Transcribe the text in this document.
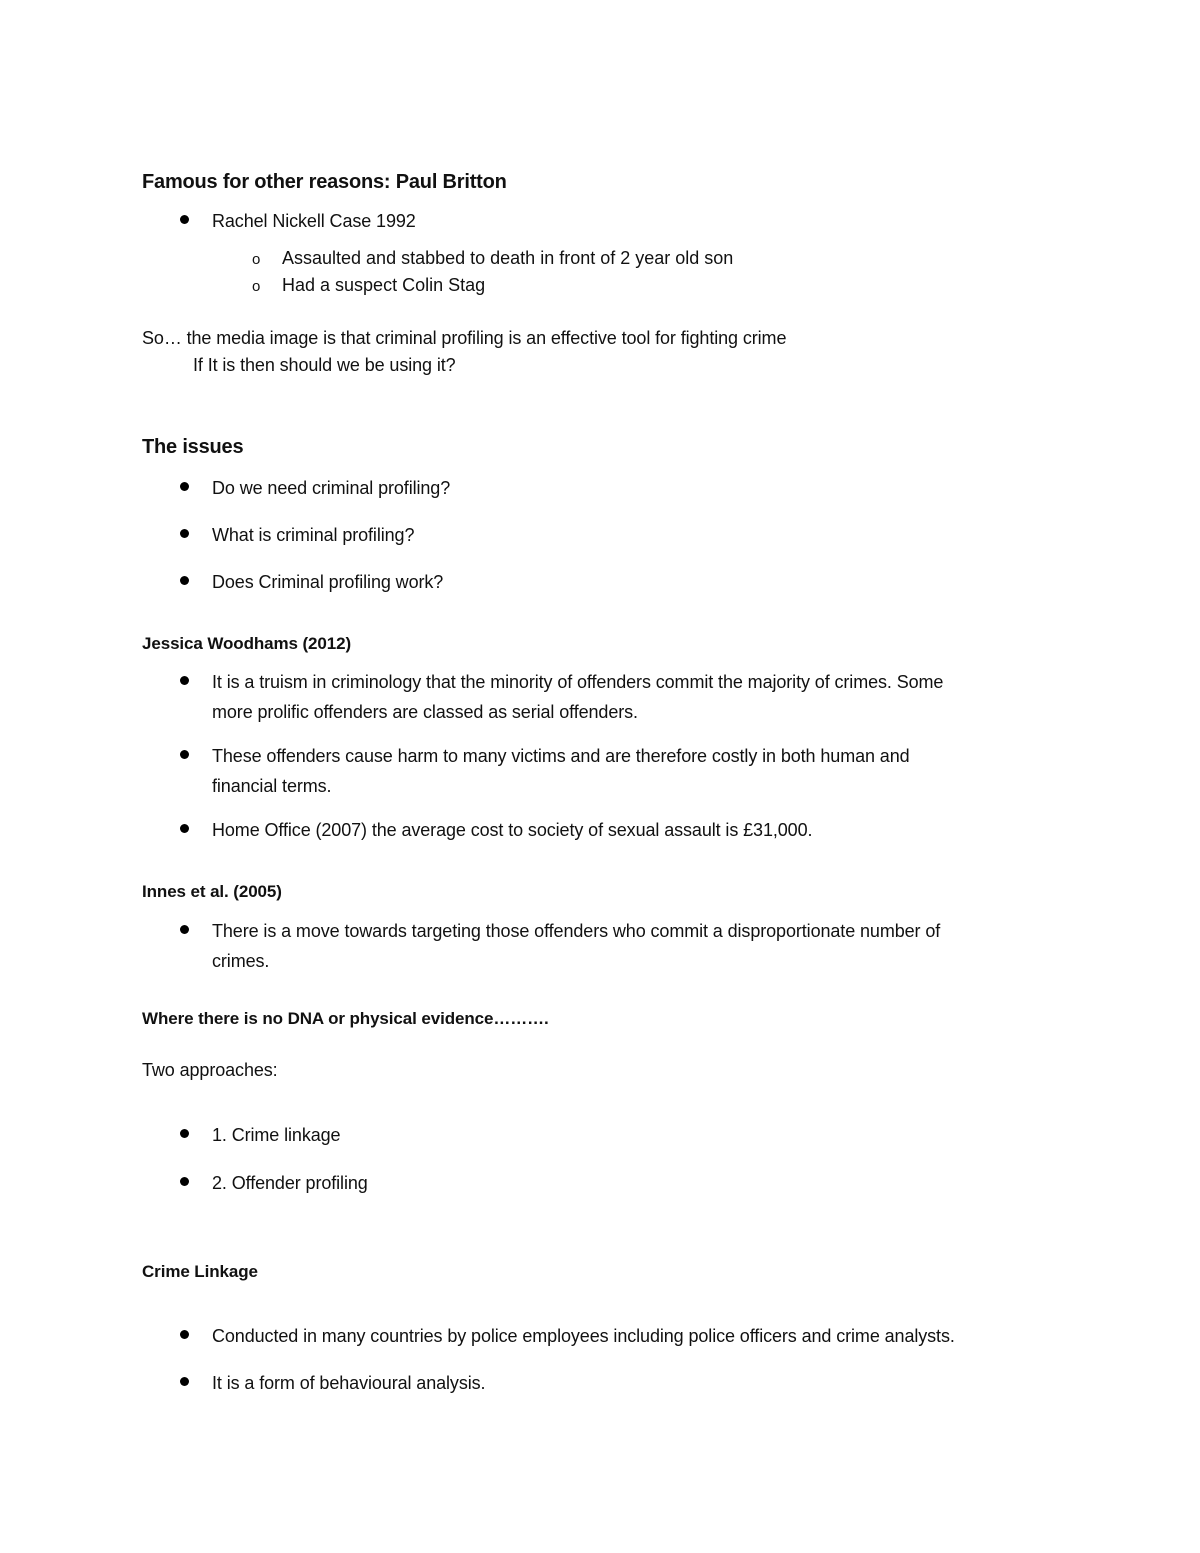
Famous for other reasons: Paul Britton
Rachel Nickell Case 1992
o Assaulted and stabbed to death in front of 2 year old son
o Had a suspect Colin Stag
So… the media image is that criminal profiling is an effective tool for fighting crime
If It is then should we be using it?
The issues
Do we need criminal profiling?
What is criminal profiling?
Does Criminal profiling work?
Jessica Woodhams (2012)
It is a truism in criminology that the minority of offenders commit the majority of crimes. Some
more prolific offenders are classed as serial offenders.
These offenders cause harm to many victims and are therefore costly in both human and
financial terms.
Home Office (2007) the average cost to society of sexual assault is £31,000.
Innes et al. (2005)
There is a move towards targeting those offenders who commit a disproportionate number of
crimes.
Where there is no DNA or physical evidence……….
Two approaches:
1. Crime linkage
2. Offender profiling
Crime Linkage
Conducted in many countries by police employees including police officers and crime analysts.
It is a form of behavioural analysis.
